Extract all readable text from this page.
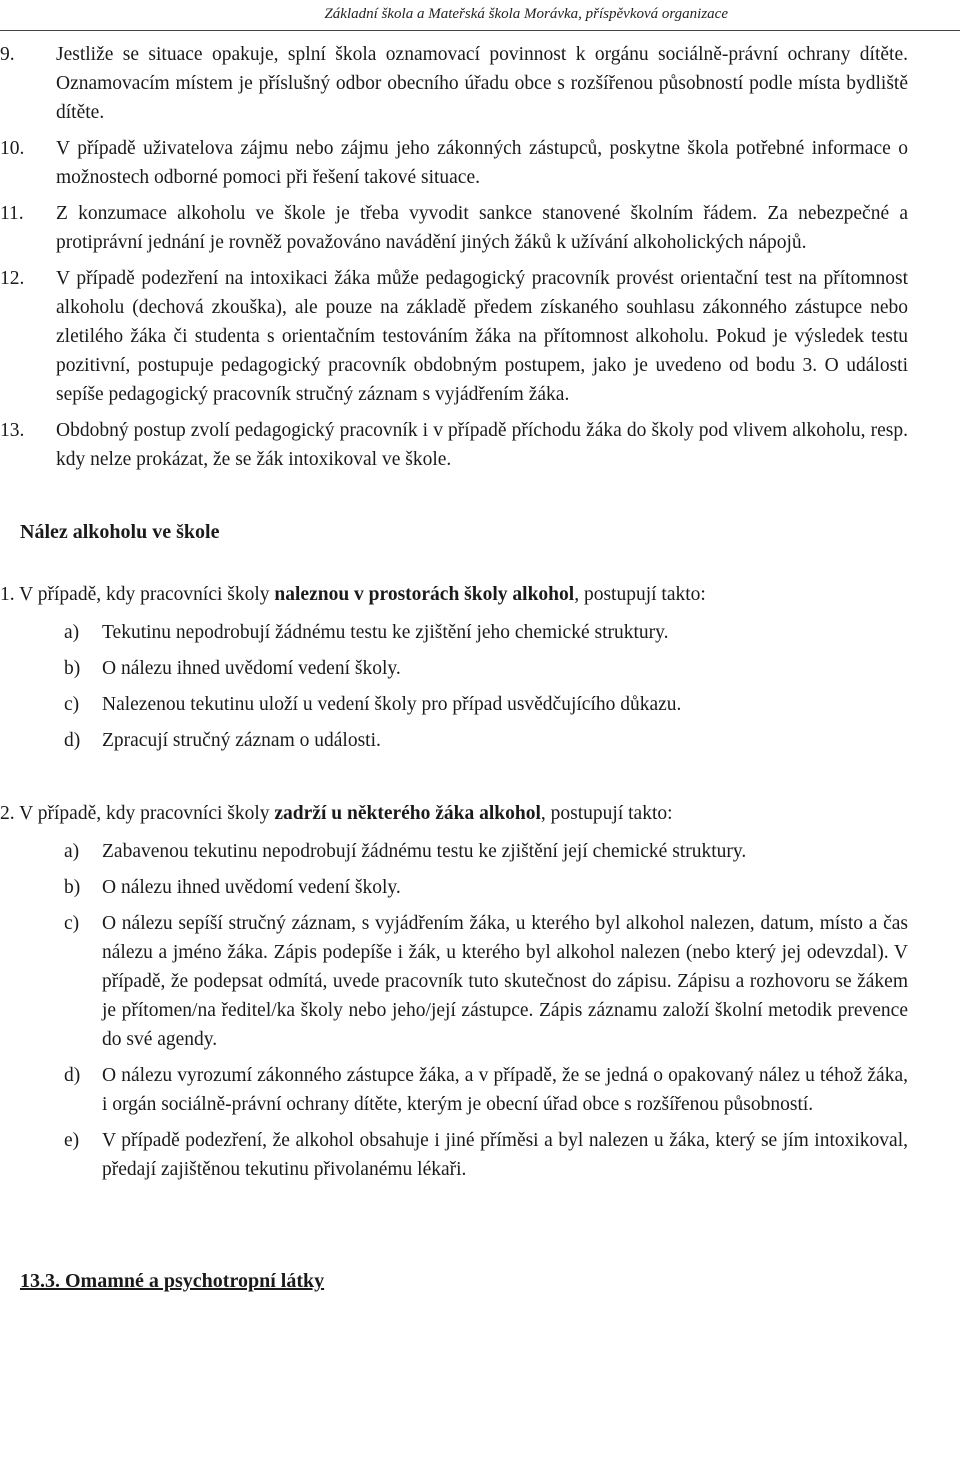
Základní škola a Mateřská škola Morávka, příspěvková organizace
9. Jestliže se situace opakuje, splní škola oznamovací povinnost k orgánu sociálně-právní ochrany dítěte. Oznamovacím místem je příslušný odbor obecního úřadu obce s rozšířenou působností podle místa bydliště dítěte.
10. V případě uživatelova zájmu nebo zájmu jeho zákonných zástupců, poskytne škola potřebné informace o možnostech odborné pomoci při řešení takové situace.
11. Z konzumace alkoholu ve škole je třeba vyvodit sankce stanovené školním řádem. Za nebezpečné a protiprávní jednání je rovněž považováno navádění jiných žáků k užívání alkoholických nápojů.
12. V případě podezření na intoxikaci žáka může pedagogický pracovník provést orientační test na přítomnost alkoholu (dechová zkouška), ale pouze na základě předem získaného souhlasu zákonného zástupce nebo zletilého žáka či studenta s orientačním testováním žáka na přítomnost alkoholu. Pokud je výsledek testu pozitivní, postupuje pedagogický pracovník obdobným postupem, jako je uvedeno od bodu 3. O události sepíše pedagogický pracovník stručný záznam s vyjádřením žáka.
13. Obdobný postup zvolí pedagogický pracovník i v případě příchodu žáka do školy pod vlivem alkoholu, resp. kdy nelze prokázat, že se žák intoxikoval ve škole.
Nález alkoholu ve škole
1. V případě, kdy pracovníci školy naleznou v prostorách školy alkohol, postupují takto:
a) Tekutinu nepodrobují žádnému testu ke zjištění jeho chemické struktury.
b) O nálezu ihned uvědomí vedení školy.
c) Nalezenou tekutinu uloží u vedení školy pro případ usvědčujícího důkazu.
d) Zpracují stručný záznam o události.
2. V případě, kdy pracovníci školy zadrží u některého žáka alkohol, postupují takto:
a) Zabavenou tekutinu nepodrobují žádnému testu ke zjištění její chemické struktury.
b) O nálezu ihned uvědomí vedení školy.
c) O nálezu sepíší stručný záznam, s vyjádřením žáka, u kterého byl alkohol nalezen, datum, místo a čas nálezu a jméno žáka. Zápis podepíše i žák, u kterého byl alkohol nalezen (nebo který jej odevzdal). V případě, že podepsat odmítá, uvede pracovník tuto skutečnost do zápisu. Zápisu a rozhovoru se žákem je přítomen/na ředitel/ka školy nebo jeho/její zástupce. Zápis záznamu založí školní metodik prevence do své agendy.
d) O nálezu vyrozumí zákonného zástupce žáka, a v případě, že se jedná o opakovaný nález u téhož žáka, i orgán sociálně-právní ochrany dítěte, kterým je obecní úřad obce s rozšířenou působností.
e) V případě podezření, že alkohol obsahuje i jiné příměsi a byl nalezen u žáka, který se jím intoxikoval, předají zajištěnou tekutinu přivolanému lékaři.
13.3. Omamné a psychotropní látky
